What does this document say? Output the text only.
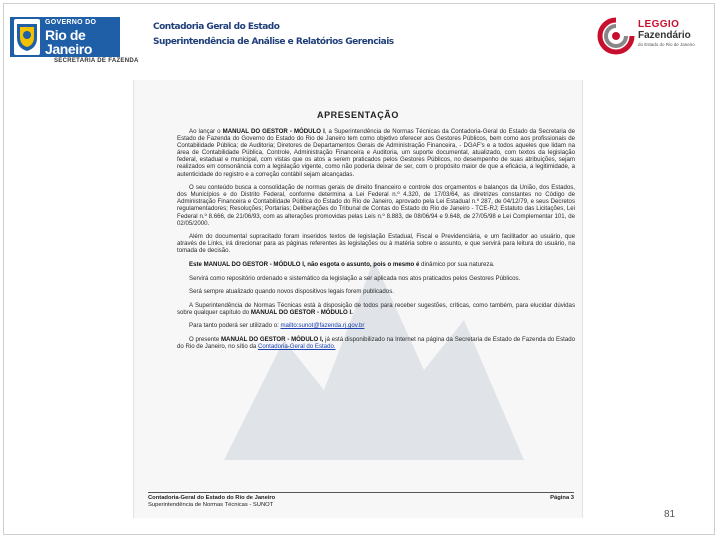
GOVERNO DO
Rio de Janeiro
SECRETARIA DE FAZENDA
Contadoria Geral do Estado
Superintendência de Análise e Relatórios Gerenciais
LEGGIO
Fazendário
do Estado do Rio de Janeiro
APRESENTAÇÃO

Ao lançar o MANUAL DO GESTOR - MÓDULO I, a Superintendência de Normas Técnicas da Contadoria-Geral do Estado da Secretaria de Estado de Fazenda do Governo do Estado do Rio de Janeiro tem como objetivo oferecer aos Gestores Públicos, bem como aos profissionais de Contabilidade Pública; de Auditoria; Diretores de Departamentos Gerais de Administração Financeira, - DGAF's e a todos aqueles que lidam na área de Contabilidade Pública, Controle, Administração Financeira e Auditoria, um suporte documental, atualizado, com textos da legislação federal, estadual e municipal, com vistas que os atos a serem praticados pelos Gestores Públicos, no desempenho de suas atribuições, sejam realizados em consonância com a legislação vigente, como não poderia deixar de ser, com o propósito maior de que a eficácia, a legitimidade, a autenticidade do registro e a correção contábil sejam alcançadas.

O seu conteúdo busca a consolidação de normas gerais de direito financeiro e controle dos orçamentos e balanços da União, dos Estados, dos Municípios e do Distrito Federal, conforme determina a Lei Federal n.º 4.320, de 17/03/64, as diretrizes constantes no Código de Administração Financeira e Contabilidade Pública do Estado do Rio de Janeiro, aprovado pela Lei Estadual n.º 287, de 04/12/79, e seus Decretos regulamentadores; Resoluções; Portarias; Deliberações do Tribunal de Contas do Estado do Rio de Janeiro - TCE-RJ; Estatuto das Licitações, Lei Federal n.º 8.666, de 21/06/93, com as alterações promovidas pelas Leis n.º 8.883, de 08/06/94 e 9.648, de 27/05/98 e Lei Complementar 101, de 02/05/2000.

Além do documental supracitado foram inseridos textos de legislação Estadual, Fiscal e Previdenciária, e um facilitador ao usuário, que através de Links, irá direcionar para as páginas referentes às legislações ou à matéria sobre o assunto, e que servirá para leitura do usuário, na tomada de decisão.

Este MANUAL DO GESTOR - MÓDULO I, não esgota o assunto, pois o mesmo é dinâmico por sua natureza.

Servirá como repositório ordenado e sistemático da legislação a ser aplicada nos atos praticados pelos Gestores Públicos.

Será sempre atualizado quando novos dispositivos legais forem publicados.

A Superintendência de Normas Técnicas está à disposição de todos para receber sugestões, críticas, como também, para elucidar dúvidas sobre qualquer capítulo do MANUAL DO GESTOR - MÓDULO I.

Para tanto poderá ser utilizado o: mailto:sunot@fazenda.rj.gov.br

O presente MANUAL DO GESTOR - MÓDULO I, já está disponibilizado na Internet na página da Secretaria de Estado de Fazenda do Estado do Rio de Janeiro, no sítio da Contadoria-Geral do Estado.

Contadoria-Geral do Estado do Rio de Janeiro
Superintendência de Normas Técnicas - SUNOT
Página 3
81
